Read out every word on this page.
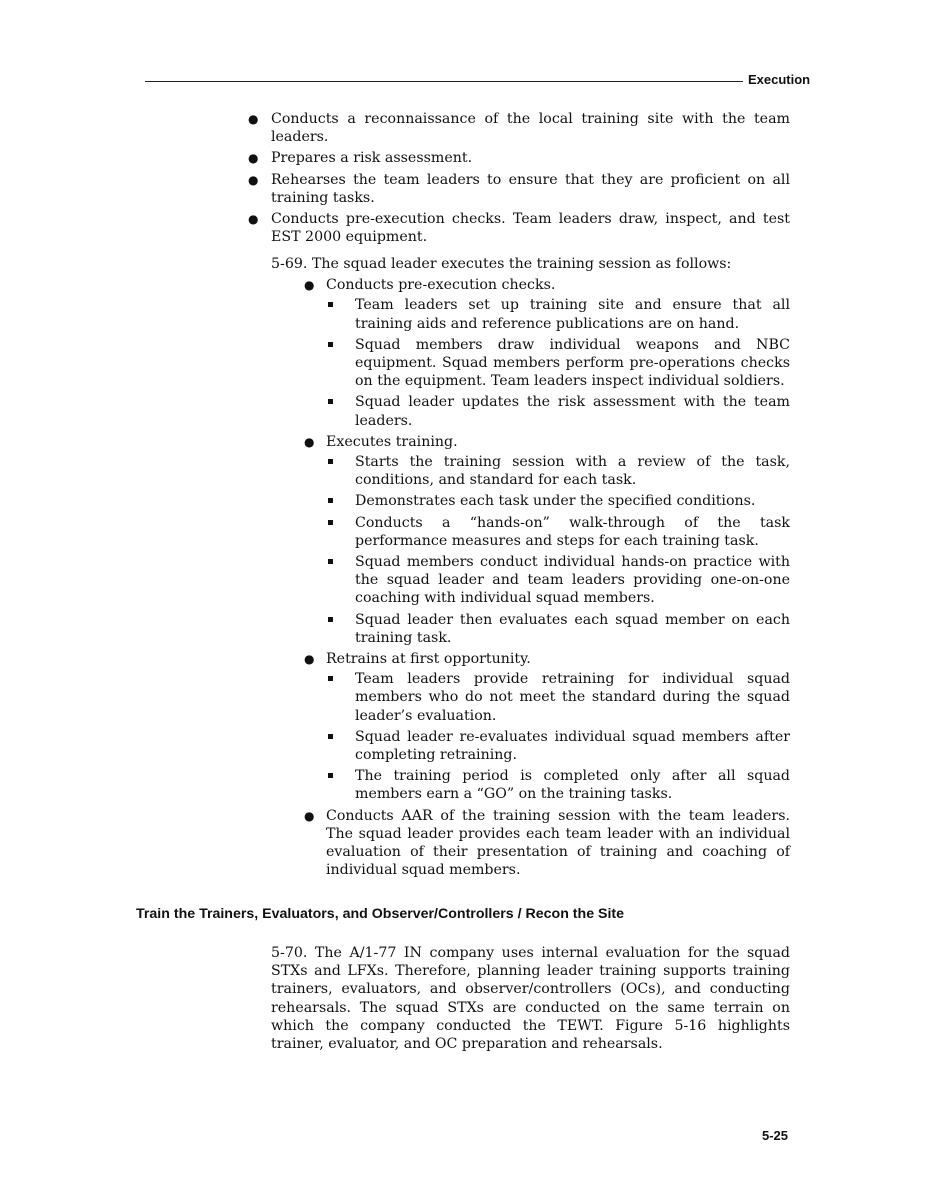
Execution
● Conducts a reconnaissance of the local training site with the team leaders.
● Prepares a risk assessment.
● Rehearses the team leaders to ensure that they are proficient on all training tasks.
● Conducts pre-execution checks. Team leaders draw, inspect, and test EST 2000 equipment.

5-69. The squad leader executes the training session as follows:

● Conducts pre-execution checks.
Team leaders set up training site and ensure that all training aids and reference publications are on hand.
Squad members draw individual weapons and NBC equipment. Squad members perform pre-operations checks on the equipment. Team leaders inspect individual soldiers.
Squad leader updates the risk assessment with the team leaders.
● Executes training.
Starts the training session with a review of the task, conditions, and standard for each task.
Demonstrates each task under the specified conditions.
Conducts a “hands-on” walk-through of the task performance measures and steps for each training task.
Squad members conduct individual hands-on practice with the squad leader and team leaders providing one-on-one coaching with individual squad members.
Squad leader then evaluates each squad member on each training task.
● Retrains at first opportunity.
Team leaders provide retraining for individual squad members who do not meet the standard during the squad leader’s evaluation.
Squad leader re-evaluates individual squad members after completing retraining.
The training period is completed only after all squad members earn a “GO” on the training tasks.
● Conducts AAR of the training session with the team leaders. The squad leader provides each team leader with an individual evaluation of their presentation of training and coaching of individual squad members.
Train the Trainers, Evaluators, and Observer/Controllers / Recon the Site

5-70. The A/1-77 IN company uses internal evaluation for the squad STXs and LFXs. Therefore, planning leader training supports training trainers, evaluators, and observer/controllers (OCs), and conducting rehearsals. The squad STXs are conducted on the same terrain on which the company conducted the TEWT. Figure 5-16 highlights trainer, evaluator, and OC preparation and rehearsals.

5-25
